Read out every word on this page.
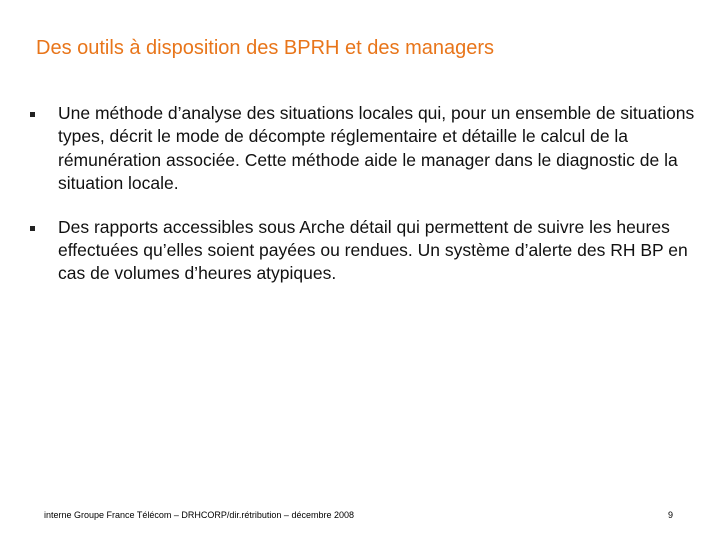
Des outils à disposition des BPRH et des managers
Une méthode d’analyse des situations locales qui, pour un ensemble de situations types, décrit le mode de décompte réglementaire et détaille le calcul de la rémunération associée. Cette méthode aide le manager dans le diagnostic de la situation locale.
Des rapports accessibles sous Arche détail qui permettent de suivre les heures effectuées qu’elles soient payées ou rendues. Un système d’alerte des RH BP en cas de volumes d’heures atypiques.
interne Groupe France Télécom – DRHCORP/dir.rétribution – décembre 2008	9
